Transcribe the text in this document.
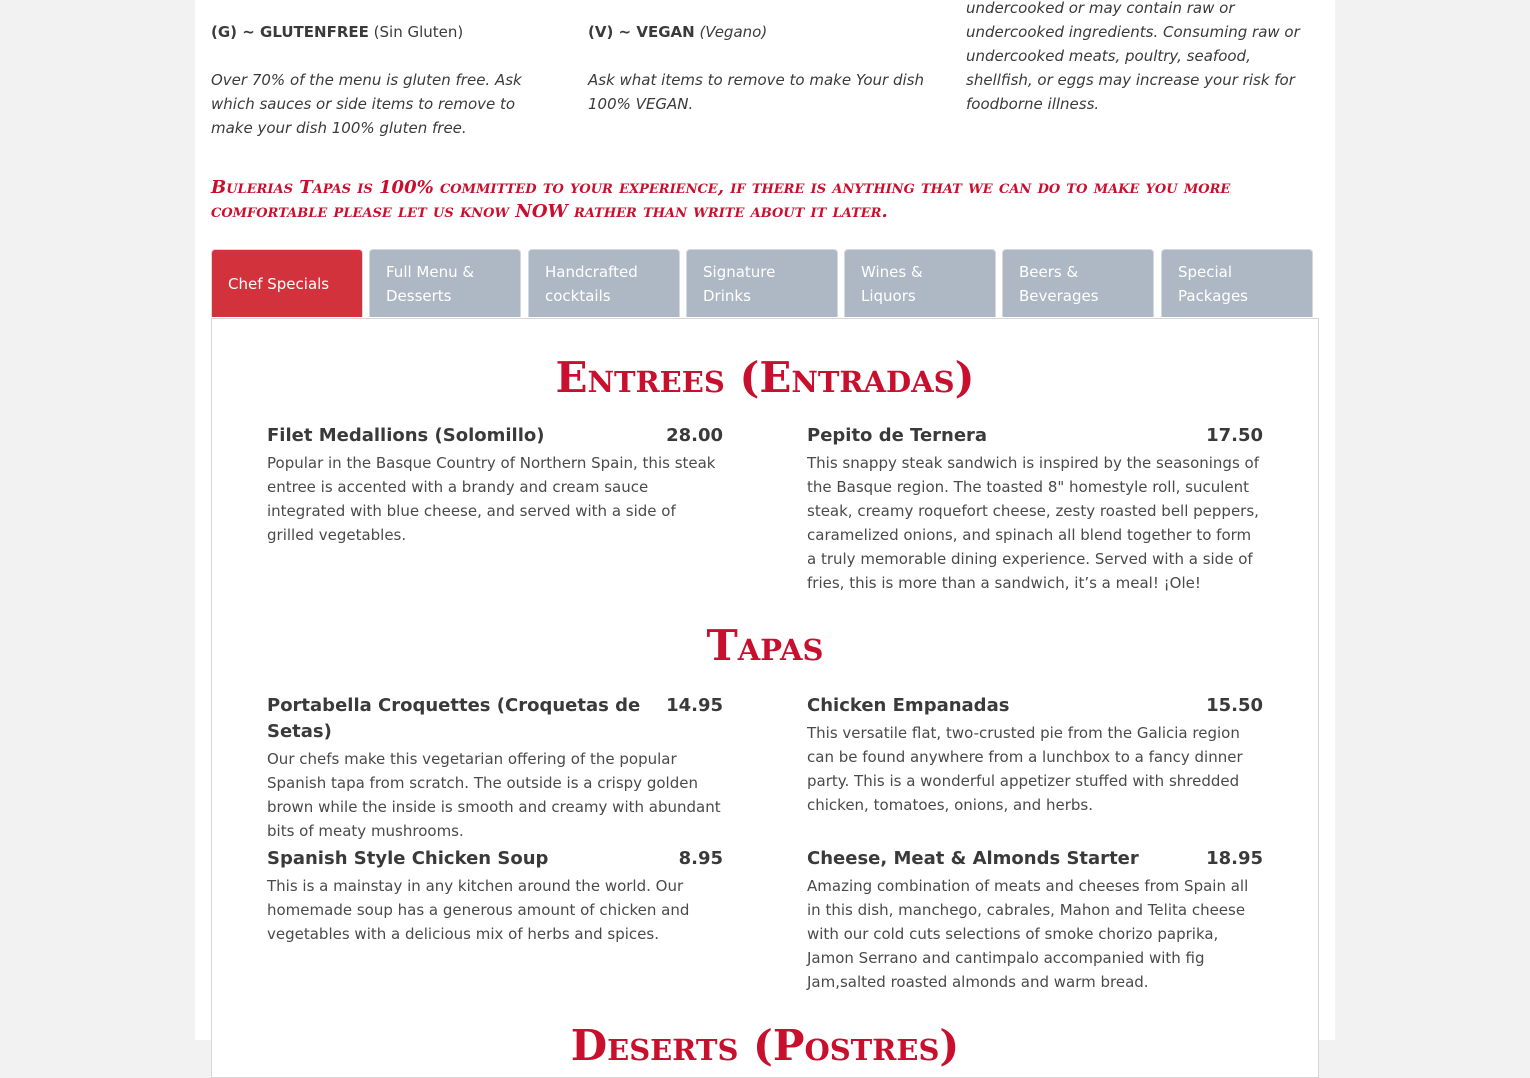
(G) ~ GLUTENFREE (Sin Gluten)

Over 70% of the menu is gluten free. Ask which sauces or side items to remove to make your dish 100% gluten free.

(V) ~ VEGAN (Vegano)

Ask what items to remove to make Your dish 100% VEGAN.

undercooked or may contain raw or undercooked ingredients. Consuming raw or undercooked meats, poultry, seafood, shellfish, or eggs may increase your risk for foodborne illness.

Bulerias Tapas is 100% committed to your experience, if there is anything that we can do to make you more comfortable please let us know NOW rather than write about it later.
Chef Specials
Full Menu & Desserts
Handcrafted cocktails
Signature Drinks
Wines & Liquors
Beers & Beverages
Special Packages
Entrees (Entradas)
Filet Medallions (Solomillo)	28.00
Popular in the Basque Country of Northern Spain, this steak entree is accented with a brandy and cream sauce integrated with blue cheese, and served with a side of grilled vegetables.
Pepito de Ternera	17.50
This snappy steak sandwich is inspired by the seasonings of the Basque region. The toasted 8" homestyle roll, suculent steak, creamy roquefort cheese, zesty roasted bell peppers, caramelized onions, and spinach all blend together to form a truly memorable dining experience. Served with a side of fries, this is more than a sandwich, it’s a meal! ¡Ole!
Tapas
Portabella Croquettes (Croquetas de Setas)
14.95
Our chefs make this vegetarian offering of the popular Spanish tapa from scratch. The outside is a crispy golden brown while the inside is smooth and creamy with abundant bits of meaty mushrooms.
Chicken Empanadas	15.50
This versatile flat, two-crusted pie from the Galicia region can be found anywhere from a lunchbox to a fancy dinner party. This is a wonderful appetizer stuffed with shredded chicken, tomatoes, onions, and herbs.
Spanish Style Chicken Soup	8.95
This is a mainstay in any kitchen around the world. Our homemade soup has a generous amount of chicken and vegetables with a delicious mix of herbs and spices.
Cheese, Meat & Almonds Starter	18.95
Amazing combination of meats and cheeses from Spain all in this dish, manchego, cabrales, Mahon and Telita cheese with our cold cuts selections of smoke chorizo paprika, Jamon Serrano and cantimpalo accompanied with fig Jam,salted roasted almonds and warm bread.
Deserts (Postres)
